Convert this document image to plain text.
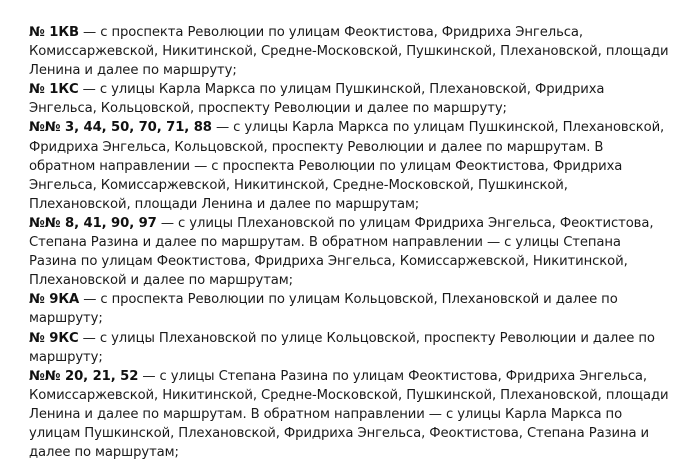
№ 1КВ — с проспекта Революции по улицам Феоктистова, Фридриха Энгельса, Комиссаржевской, Никитинской, Средне-Московской, Пушкинской, Плехановской, площади Ленина и далее по маршруту;

№ 1КС — с улицы Карла Маркса по улицам Пушкинской, Плехановской, Фридриха Энгельса, Кольцовской, проспекту Революции и далее по маршруту;

№№ 3, 44, 50, 70, 71, 88 — с улицы Карла Маркса по улицам Пушкинской, Плехановской, Фридриха Энгельса, Кольцовской, проспекту Революции и далее по маршрутам. В обратном направлении — с проспекта Революции по улицам Феоктистова, Фридриха Энгельса, Комиссаржевской, Никитинской, Средне-Московской, Пушкинской, Плехановской, площади Ленина и далее по маршрутам;

№№ 8, 41, 90, 97 — с улицы Плехановской по улицам Фридриха Энгельса, Феоктистова, Степана Разина и далее по маршрутам. В обратном направлении — с улицы Степана Разина по улицам Феоктистова, Фридриха Энгельса, Комиссаржевской, Никитинской, Плехановской и далее по маршрутам;

№ 9КА — с проспекта Революции по улицам Кольцовской, Плехановской и далее по маршруту;

№ 9КС — с улицы Плехановской по улице Кольцовской, проспекту Революции и далее по маршруту;

№№ 20, 21, 52 — с улицы Степана Разина по улицам Феоктистова, Фридриха Энгельса, Комиссаржевской, Никитинской, Средне-Московской, Пушкинской, Плехановской, площади Ленина и далее по маршрутам. В обратном направлении — с улицы Карла Маркса по улицам Пушкинской, Плехановской, Фридриха Энгельса, Феоктистова, Степана Разина и далее по маршрутам;
